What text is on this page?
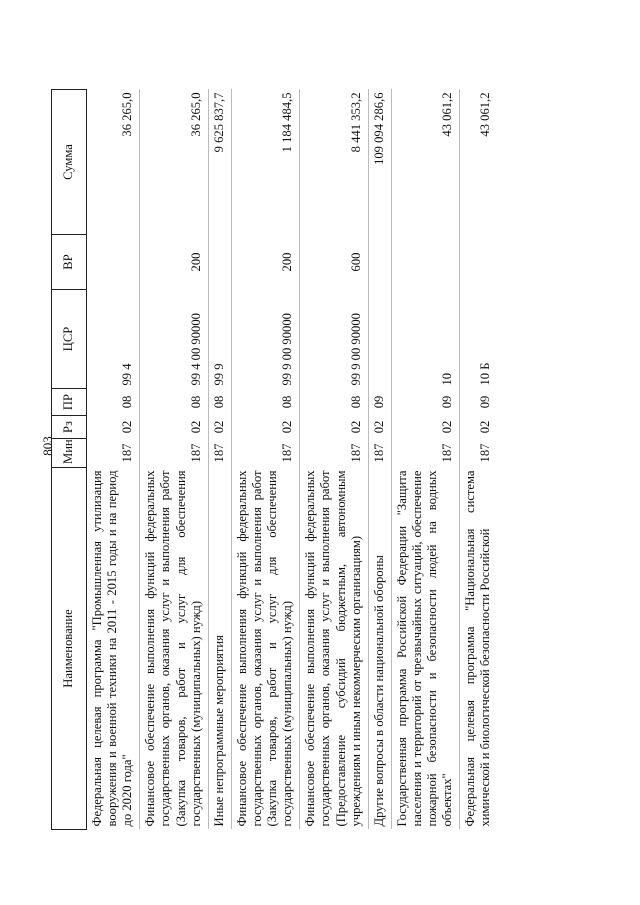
803
Наименование	Мин	Рз	ПР	ЦСР	ВР	Сумма
Федеральная целевая программа "Промышленная утилизация вооружения и военной техники на 2011 - 2015 годы и на период до 2020 года"	187	02	08	99 4		36 265,0
Финансовое обеспечение выполнения функций федеральных государственных органов, оказания услуг и выполнения работ (Закупка товаров, работ и услуг для обеспечения государственных (муниципальных) нужд)	187	02	08	99 4 00 90000	200	36 265,0
Иные непрограммные мероприятия	187	02	08	99 9		9 625 837,7
Финансовое обеспечение выполнения функций федеральных государственных органов, оказания услуг и выполнения работ (Закупка товаров, работ и услуг для обеспечения государственных (муниципальных) нужд)	187	02	08	99 9 00 90000	200	1 184 484,5
Финансовое обеспечение выполнения функций федеральных государственных органов, оказания услуг и выполнения работ (Предоставление субсидий бюджетным, автономным учреждениям и иным некоммерческим организациям)	187	02	08	99 9 00 90000	600	8 441 353,2
Другие вопросы в области национальной обороны	187	02	09			109 094 286,6
Государственная программа Российской Федерации "Защита населения и территорий от чрезвычайных ситуаций, обеспечение пожарной безопасности и безопасности людей на водных объектах"	187	02	09	10		43 061,2
Федеральная целевая программа "Национальная система химической и биологической безопасности Российской	187	02	09	10 Б		43 061,2
